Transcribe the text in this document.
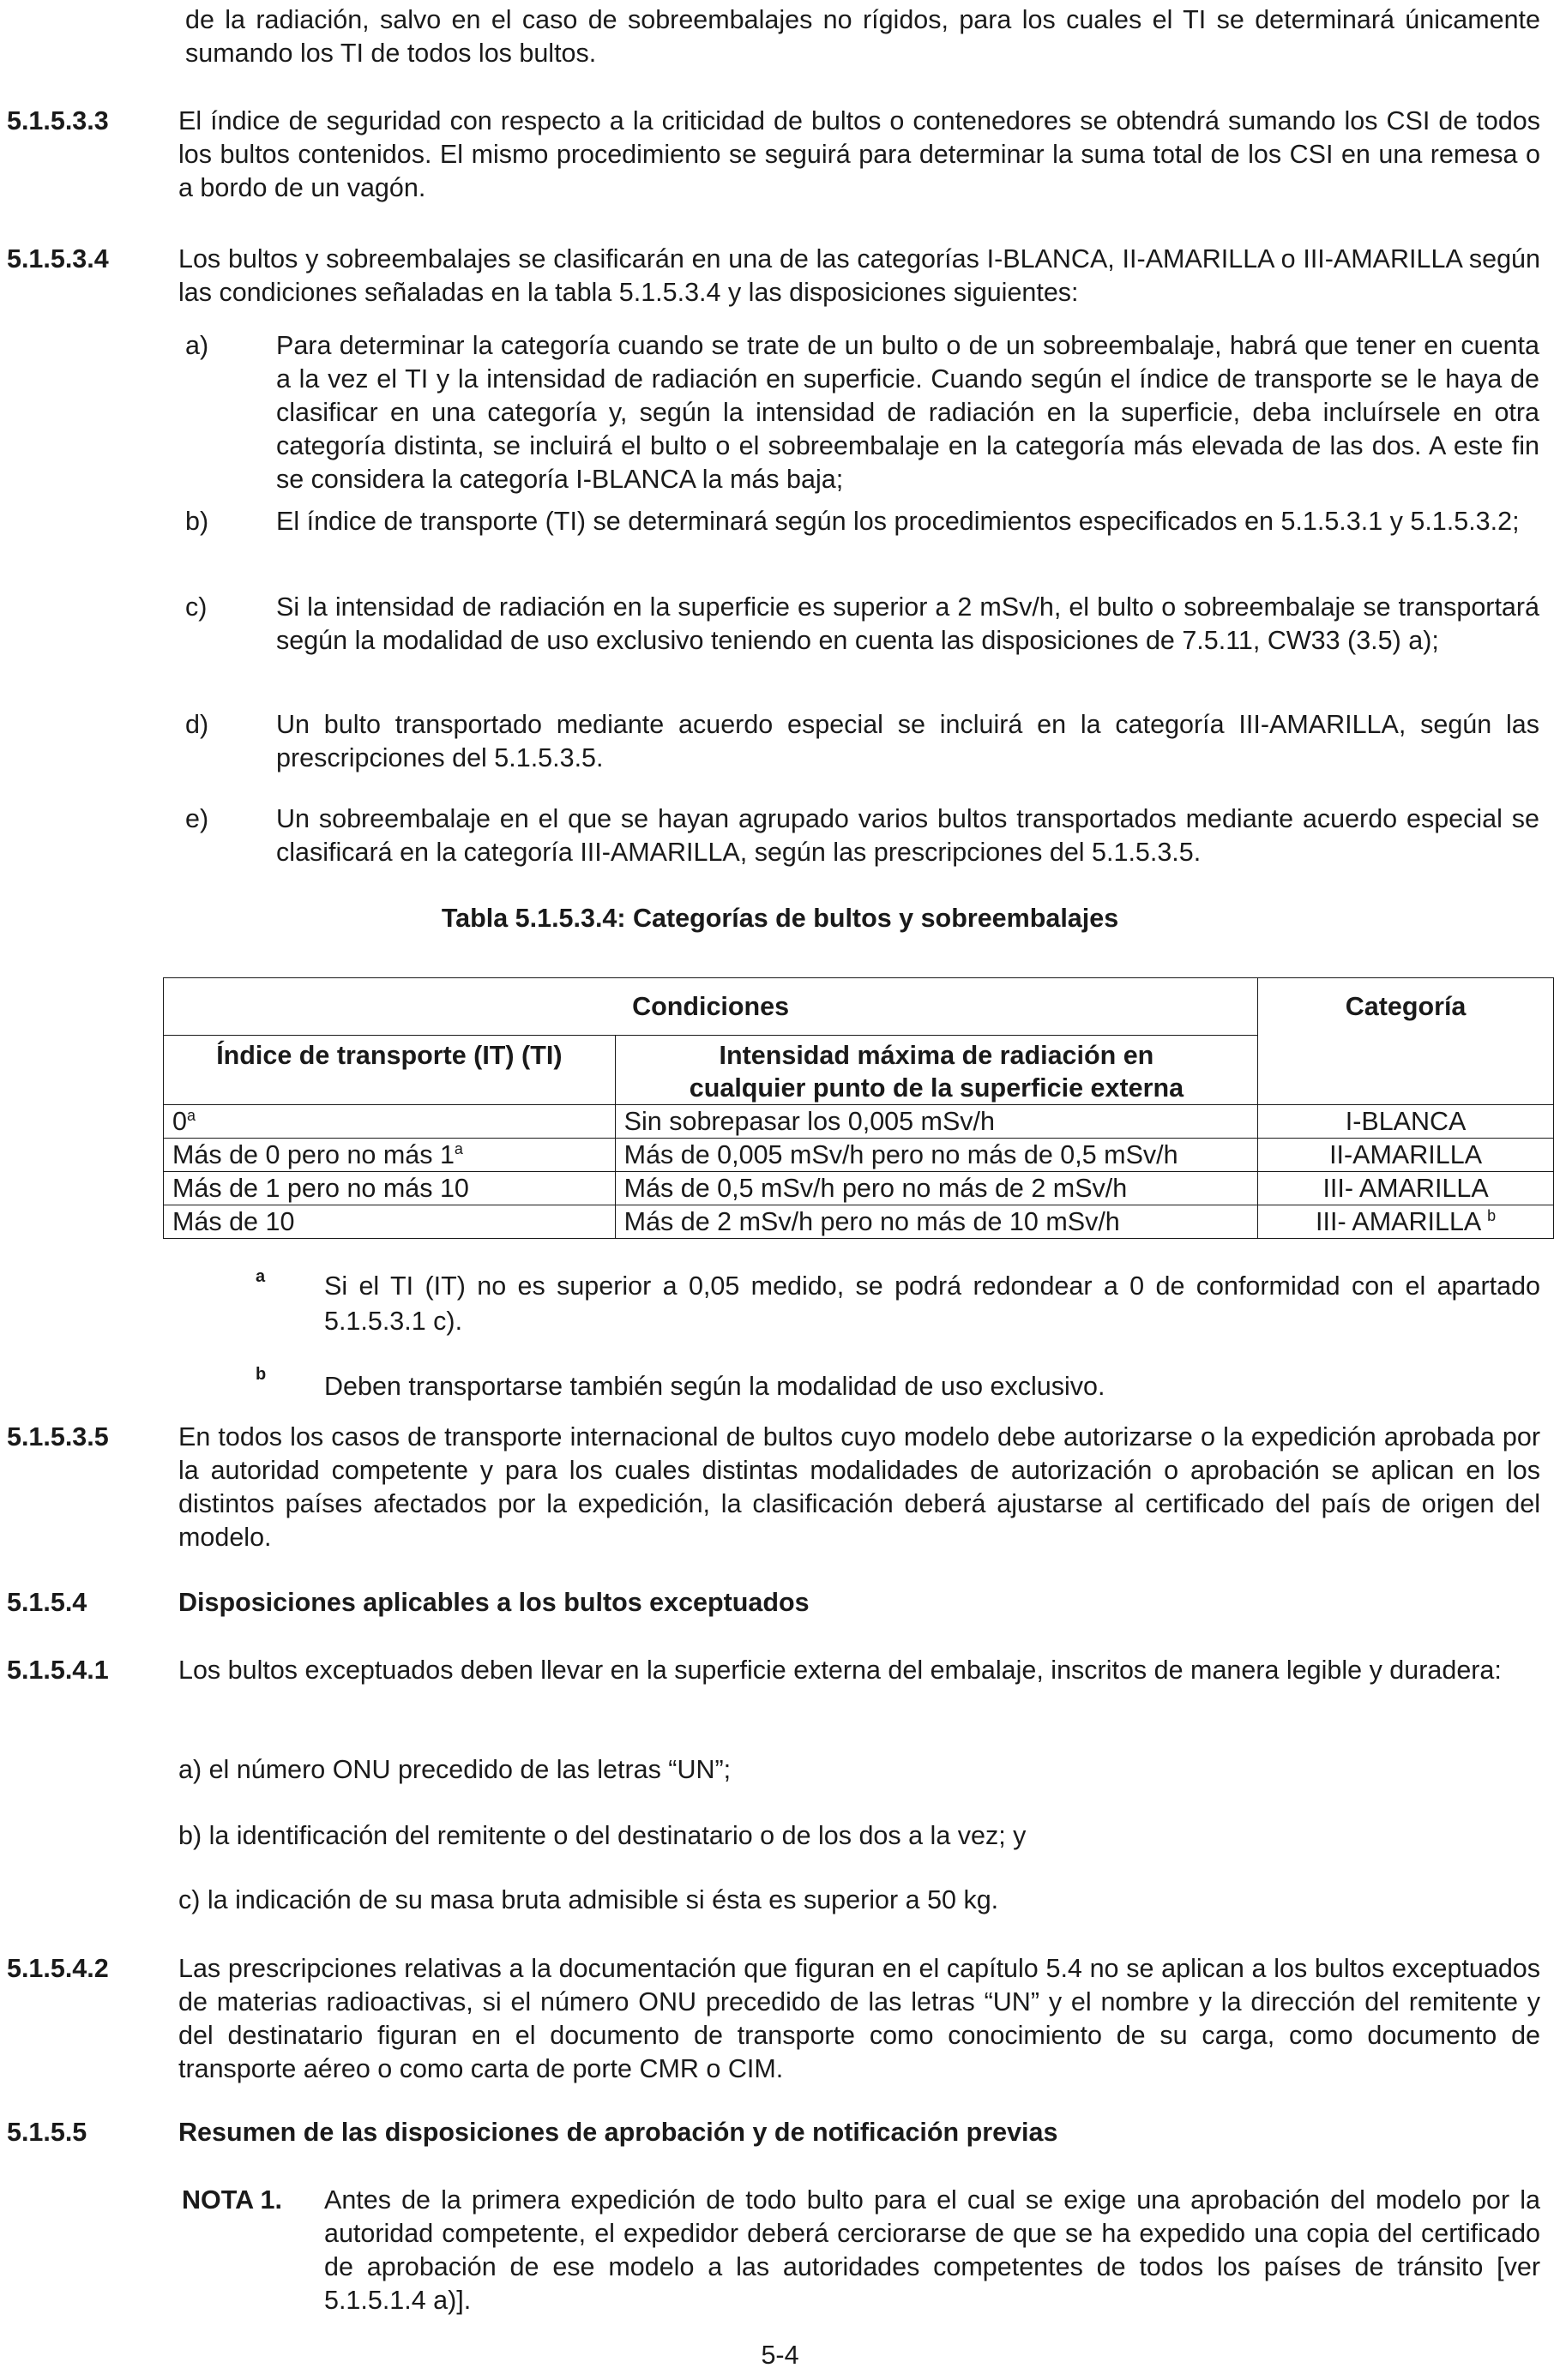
de la radiación, salvo en el caso de sobreembalajes no rígidos, para los cuales el TI se determinará únicamente sumando los TI de todos los bultos.
5.1.5.3.3	El índice de seguridad con respecto a la criticidad de bultos o contenedores se obtendrá sumando los CSI de todos los bultos contenidos. El mismo procedimiento se seguirá para determinar la suma total de los CSI en una remesa o a bordo de un vagón.
5.1.5.3.4	Los bultos y sobreembalajes se clasificarán en una de las categorías I-BLANCA, II-AMARILLA o III-AMARILLA según las condiciones señaladas en la tabla 5.1.5.3.4 y las disposiciones siguientes:
a)	Para determinar la categoría cuando se trate de un bulto o de un sobreembalaje, habrá que tener en cuenta a la vez el TI y la intensidad de radiación en superficie. Cuando según el índice de transporte se le haya de clasificar en una categoría y, según la intensidad de radiación en la superficie, deba incluírsele en otra categoría distinta, se incluirá el bulto o el sobreembalaje en la categoría más elevada de las dos. A este fin se considera la categoría I-BLANCA la más baja;
b)	El índice de transporte (TI) se determinará según los procedimientos especificados en 5.1.5.3.1 y 5.1.5.3.2;
c)	Si la intensidad de radiación en la superficie es superior a 2 mSv/h, el bulto o sobreembalaje se transportará según la modalidad de uso exclusivo teniendo en cuenta las disposiciones de 7.5.11, CW33 (3.5) a);
d)	Un bulto transportado mediante acuerdo especial se incluirá en la categoría III-AMARILLA, según las prescripciones del 5.1.5.3.5.
e)	Un sobreembalaje en el que se hayan agrupado varios bultos transportados mediante acuerdo especial se clasificará en la categoría III-AMARILLA, según las prescripciones del 5.1.5.3.5.
Tabla 5.1.5.3.4: Categorías de bultos y sobreembalajes
Condiciones		Categoría
Índice de transporte (IT) (TI)	Intensidad máxima de radiación en
cualquier punto de la superficie externa	

0$^a$	Sin sobrepasar los 0,005 mSv/h	I-BLANCA
Más de 0 pero no más 1$^a$	Más de 0,005 mSv/h pero no más de 0,5 mSv/h	II-AMARILLA
Más de 1 pero no más 10	Más de 0,5 mSv/h pero no más de 2 mSv/h	III- AMARILLA
Más de 10	Más de 2 mSv/h pero no más de 10 mSv/h	III- AMARILLA $^b$
a Si el TI (IT) no es superior a 0,05 medido, se podrá redondear a 0 de conformidad con el apartado 5.1.5.3.1 c).
b Deben transportarse también según la modalidad de uso exclusivo.
5.1.5.3.5	En todos los casos de transporte internacional de bultos cuyo modelo debe autorizarse o la expedición aprobada por la autoridad competente y para los cuales distintas modalidades de autorización o aprobación se aplican en los distintos países afectados por la expedición, la clasificación deberá ajustarse al certificado del país de origen del modelo.
5.1.5.4	Disposiciones aplicables a los bultos exceptuados
5.1.5.4.1	Los bultos exceptuados deben llevar en la superficie externa del embalaje, inscritos de manera legible y duradera:
a) el número ONU precedido de las letras “UN”;
b) la identificación del remitente o del destinatario o de los dos a la vez; y
c) la indicación de su masa bruta admisible si ésta es superior a 50 kg.
5.1.5.4.2	Las prescripciones relativas a la documentación que figuran en el capítulo 5.4 no se aplican a los bultos exceptuados de materias radioactivas, si el número ONU precedido de las letras “UN” y el nombre y la dirección del remitente y del destinatario figuran en el documento de transporte como conocimiento de su carga, como documento de transporte aéreo o como carta de porte CMR o CIM.
5.1.5.5	Resumen de las disposiciones de aprobación y de notificación previas
NOTA 1. Antes de la primera expedición de todo bulto para el cual se exige una aprobación del modelo por la autoridad competente, el expedidor deberá cerciorarse de que se ha expedido una copia del certificado de aprobación de ese modelo a las autoridades competentes de todos los países de tránsito [ver 5.1.5.1.4 a)].
5-4
